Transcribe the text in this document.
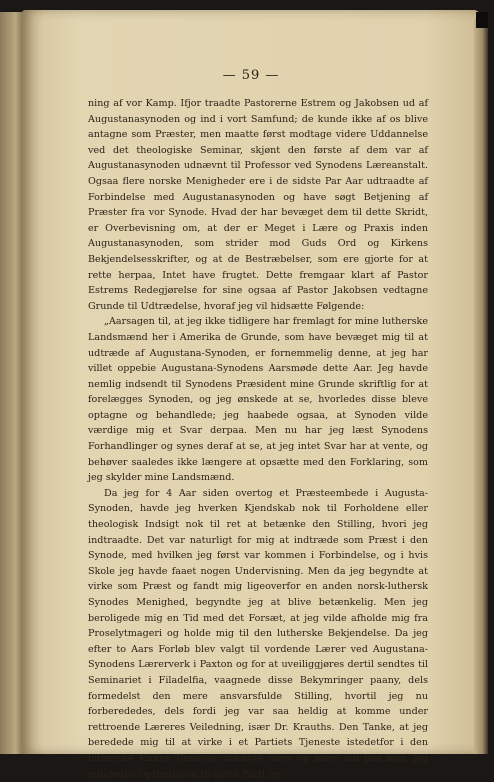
— 59 —

ning af vor Kamp. Ifjor traadte Pastorerne Estrem og Jakobsen ud af Augustanasynoden og ind i vort Samfund; de kunde ikke af os blive antagne som Præster, men maatte først modtage videre Uddannelse ved det theologiske Seminar, skjønt den første af dem var af Augustanasynoden udnævnt til Professor ved Synodens Læreanstalt. Ogsaa flere norske Menigheder ere i de sidste Par Aar udtraadte af Forbindelse med Augustanasynoden og have søgt Betjening af Præster fra vor Synode. Hvad der har bevæget dem til dette Skridt, er Overbevisning om, at der er Meget i Lære og Praxis inden Augustanasynoden, som strider mod Guds Ord og Kirkens Bekjendelsesskrifter, og at de Bestræbelser, som ere gjorte for at rette herpaa, Intet have frugtet. Dette fremgaar klart af Pastor Estrems Redegjørelse for sine ogsaa af Pastor Jakobsen vedtagne Grunde til Udtrædelse, hvoraf jeg vil hidsætte Følgende:

„Aarsagen til, at jeg ikke tidligere har fremlagt for mine lutherske Landsmænd her i Amerika de Grunde, som have bevæget mig til at udtræde af Augustana-Synoden, er fornemmelig denne, at jeg har villet oppebie Augustana-Synodens Aarsmøde dette Aar. Jeg havde nemlig indsendt til Synodens Præsident mine Grunde skriftlig for at forelægges Synoden, og jeg ønskede at se, hvorledes disse bleve optagne og behandlede; jeg haabede ogsaa, at Synoden vilde værdige mig et Svar derpaa. Men nu har jeg læst Synodens Forhandlinger og synes deraf at se, at jeg intet Svar har at vente, og behøver saaledes ikke længere at opsætte med den Forklaring, som jeg skylder mine Landsmænd.

Da jeg for 4 Aar siden overtog et Præsteembede i Augusta-Synoden, havde jeg hverken Kjendskab nok til Forholdene eller theologisk Indsigt nok til ret at betænke den Stilling, hvori jeg indtraadte. Det var naturligt for mig at indtræde som Præst i den Synode, med hvilken jeg først var kommen i Forbindelse, og i hvis Skole jeg havde faaet nogen Undervisning. Men da jeg begyndte at virke som Præst og fandt mig ligeoverfor en anden norsk-luthersk Synodes Menighed, begyndte jeg at blive betænkelig. Men jeg beroligede mig en Tid med det Forsæt, at jeg vilde afholde mig fra Proselytmageri og holde mig til den lutherske Bekjendelse. Da jeg efter to Aars Forløb blev valgt til vordende Lærer ved Augustana-Synodens Lærerverk i Paxton og for at uveiliggjøres dertil sendtes til Seminariet i Filadelfia, vaagnede disse Bekymringer paany, dels formedelst den mere ansvarsfulde Stilling, hvortil jeg nu forberededes, dels fordi jeg var saa heldig at komme under rettroende Læreres Veiledning, især Dr. Krauths. Den Tanke, at jeg beredede mig til at virke i et Partiets Tjeneste istedetfor i den lutherske Kirkes Tjeneste, trængte mere og mere ind paa mig. Jeg mindedes Oprindelsen til dette Parti og
